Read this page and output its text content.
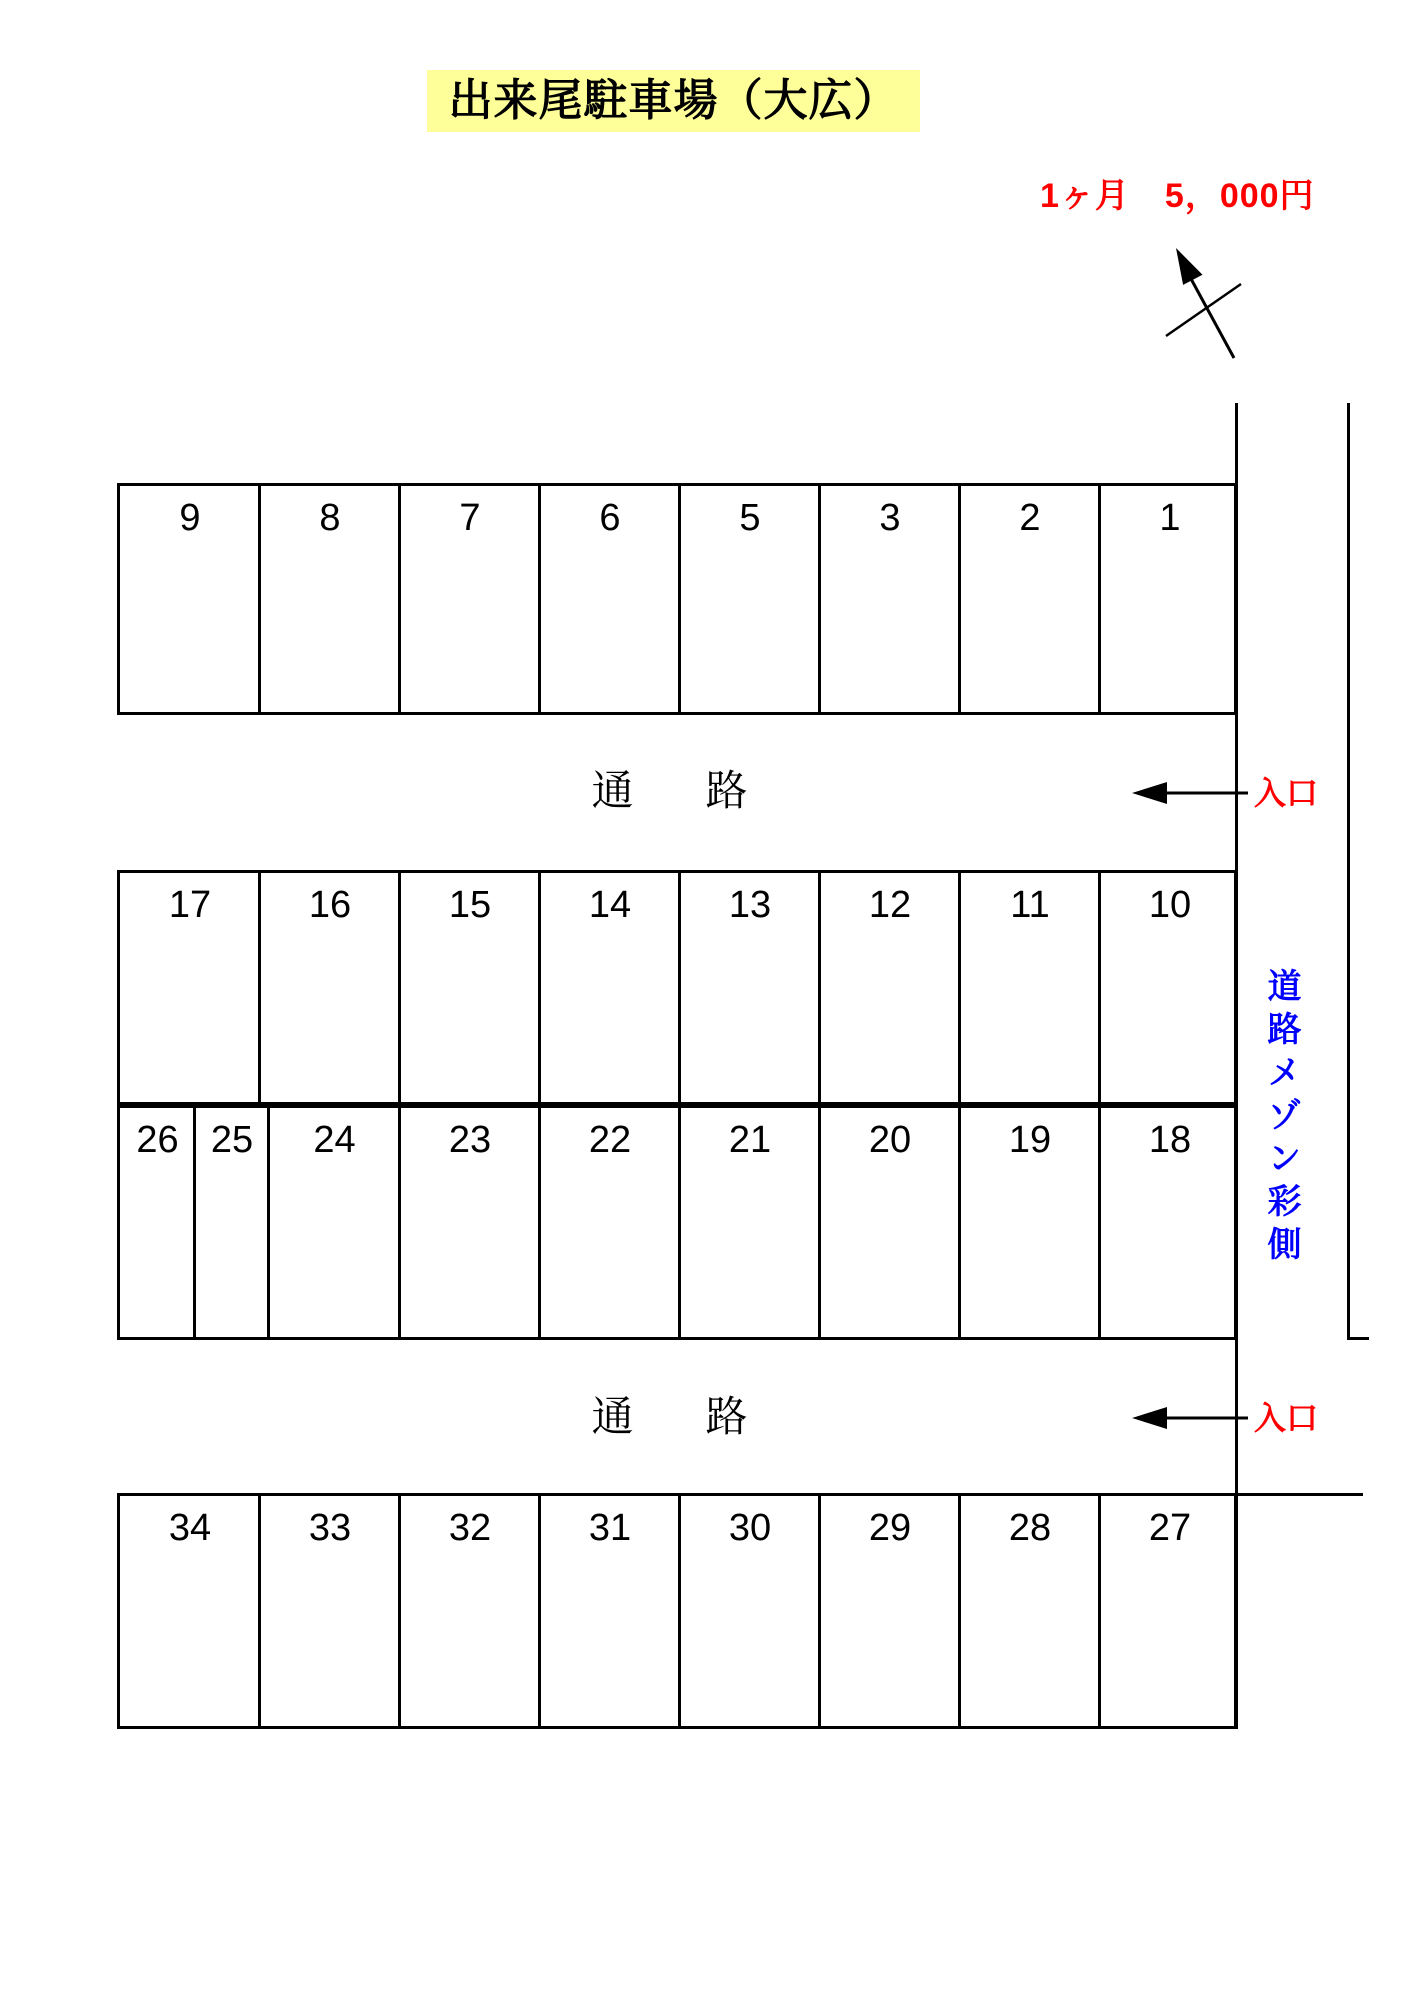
出来尾駐車場（大広）
1ヶ月　5，000円
9	8	7	6	5	3	2	1
17	16	15	14	13	12	11	10
26 25	24	23	22	21	20	19	18
34	33	32	31	30	29	28	27
通　路
通　路
入口
入口
道路メゾン彩側
